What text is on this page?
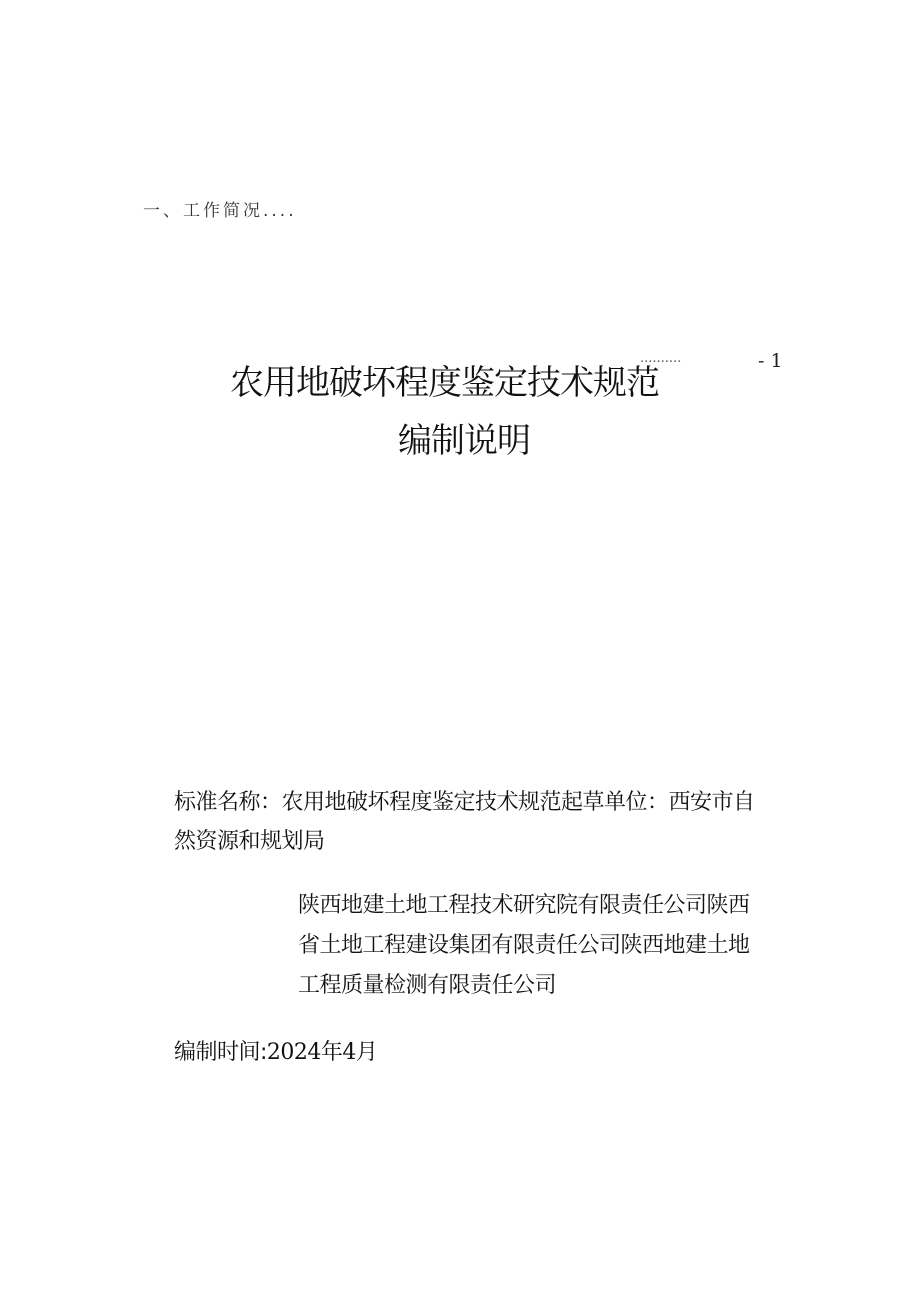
一、工作简况....
..........	- 1
农用地破坏程度鉴定技术规范
编制说明
标准名称：农用地破坏程度鉴定技术规范起草单位：西安市自然资源和规划局
陕西地建土地工程技术研究院有限责任公司陕西省土地工程建设集团有限责任公司陕西地建土地工程质量检测有限责任公司
编制时间:2024年4月
